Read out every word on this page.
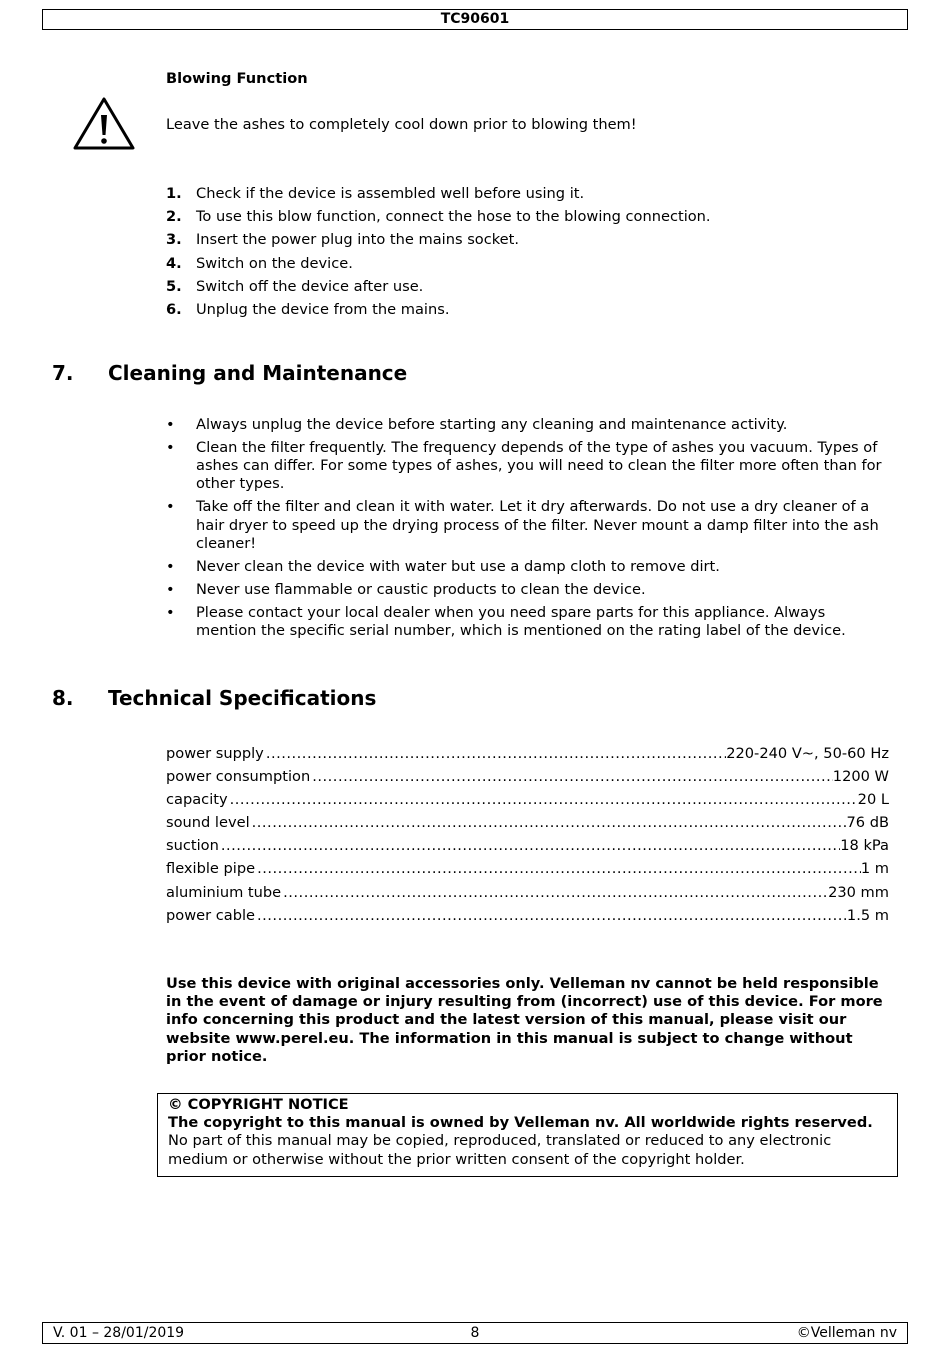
TC90601
Blowing Function
Leave the ashes to completely cool down prior to blowing them!
1. Check if the device is assembled well before using it.
2. To use this blow function, connect the hose to the blowing connection.
3. Insert the power plug into the mains socket.
4. Switch on the device.
5. Switch off the device after use.
6. Unplug the device from the mains.
7. Cleaning and Maintenance
• Always unplug the device before starting any cleaning and maintenance activity.
• Clean the filter frequently. The frequency depends of the type of ashes you vacuum. Types of ashes can differ. For some types of ashes, you will need to clean the filter more often than for other types.
• Take off the filter and clean it with water. Let it dry afterwards. Do not use a dry cleaner of a hair dryer to speed up the drying process of the filter. Never mount a damp filter into the ash cleaner!
• Never clean the device with water but use a damp cloth to remove dirt.
• Never use flammable or caustic products to clean the device.
• Please contact your local dealer when you need spare parts for this appliance. Always mention the specific serial number, which is mentioned on the rating label of the device.
8. Technical Specifications
power supply .....	220-240 V~, 50-60 Hz
power consumption .....	1200 W
capacity .....	20 L
sound level .....	76 dB
suction .....	18 kPa
flexible pipe .....	1 m
aluminium tube .....	230 mm
power cable .....	1.5 m
Use this device with original accessories only. Velleman nv cannot be held responsible in the event of damage or injury resulting from (incorrect) use of this device. For more info concerning this product and the latest version of this manual, please visit our website www.perel.eu. The information in this manual is subject to change without prior notice.
© COPYRIGHT NOTICE
The copyright to this manual is owned by Velleman nv. All worldwide rights reserved.
No part of this manual may be copied, reproduced, translated or reduced to any electronic medium or otherwise without the prior written consent of the copyright holder.
V. 01 – 28/01/2019	8	©Velleman nv
